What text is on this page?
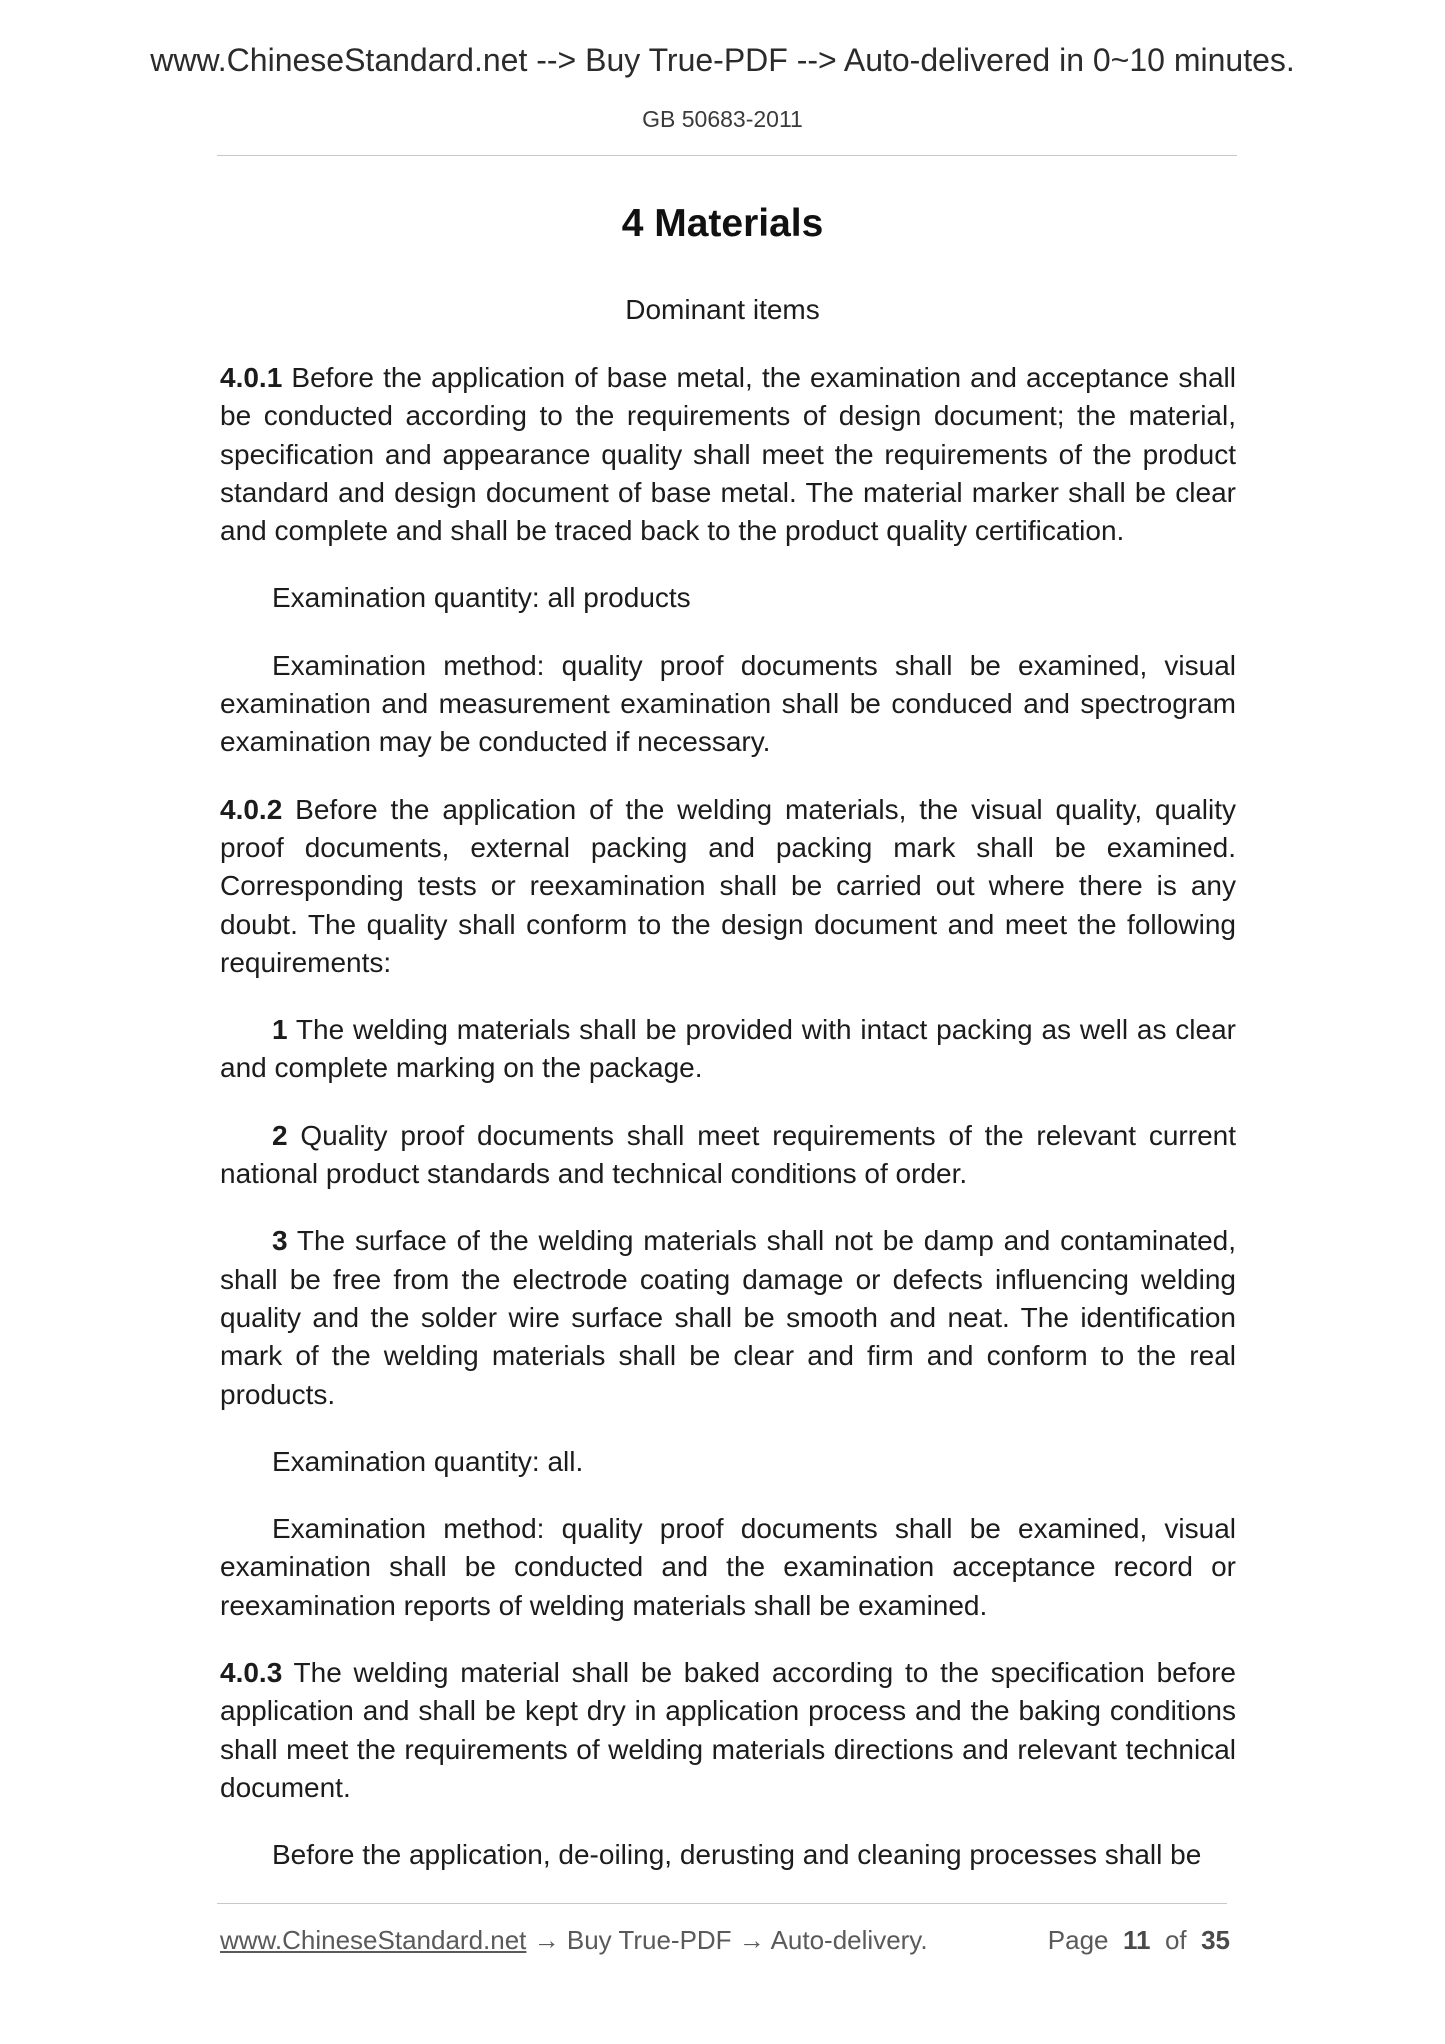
www.ChineseStandard.net --> Buy True-PDF --> Auto-delivered in 0~10 minutes.
GB 50683-2011
4 Materials
Dominant items

4.0.1 Before the application of base metal, the examination and acceptance shall be conducted according to the requirements of design document; the material, specification and appearance quality shall meet the requirements of the product standard and design document of base metal. The material marker shall be clear and complete and shall be traced back to the product quality certification.

Examination quantity: all products

Examination method: quality proof documents shall be examined, visual examination and measurement examination shall be conduced and spectrogram examination may be conducted if necessary.

4.0.2 Before the application of the welding materials, the visual quality, quality proof documents, external packing and packing mark shall be examined. Corresponding tests or reexamination shall be carried out where there is any doubt. The quality shall conform to the design document and meet the following requirements:

1 The welding materials shall be provided with intact packing as well as clear and complete marking on the package.

2 Quality proof documents shall meet requirements of the relevant current national product standards and technical conditions of order.

3 The surface of the welding materials shall not be damp and contaminated, shall be free from the electrode coating damage or defects influencing welding quality and the solder wire surface shall be smooth and neat. The identification mark of the welding materials shall be clear and firm and conform to the real products.

Examination quantity: all.

Examination method: quality proof documents shall be examined, visual examination shall be conducted and the examination acceptance record or reexamination reports of welding materials shall be examined.

4.0.3 The welding material shall be baked according to the specification before application and shall be kept dry in application process and the baking conditions shall meet the requirements of welding materials directions and relevant technical document.

Before the application, de-oiling, derusting and cleaning processes shall be

www.ChineseStandard.net → Buy True-PDF → Auto-delivery.	Page 11 of 35
